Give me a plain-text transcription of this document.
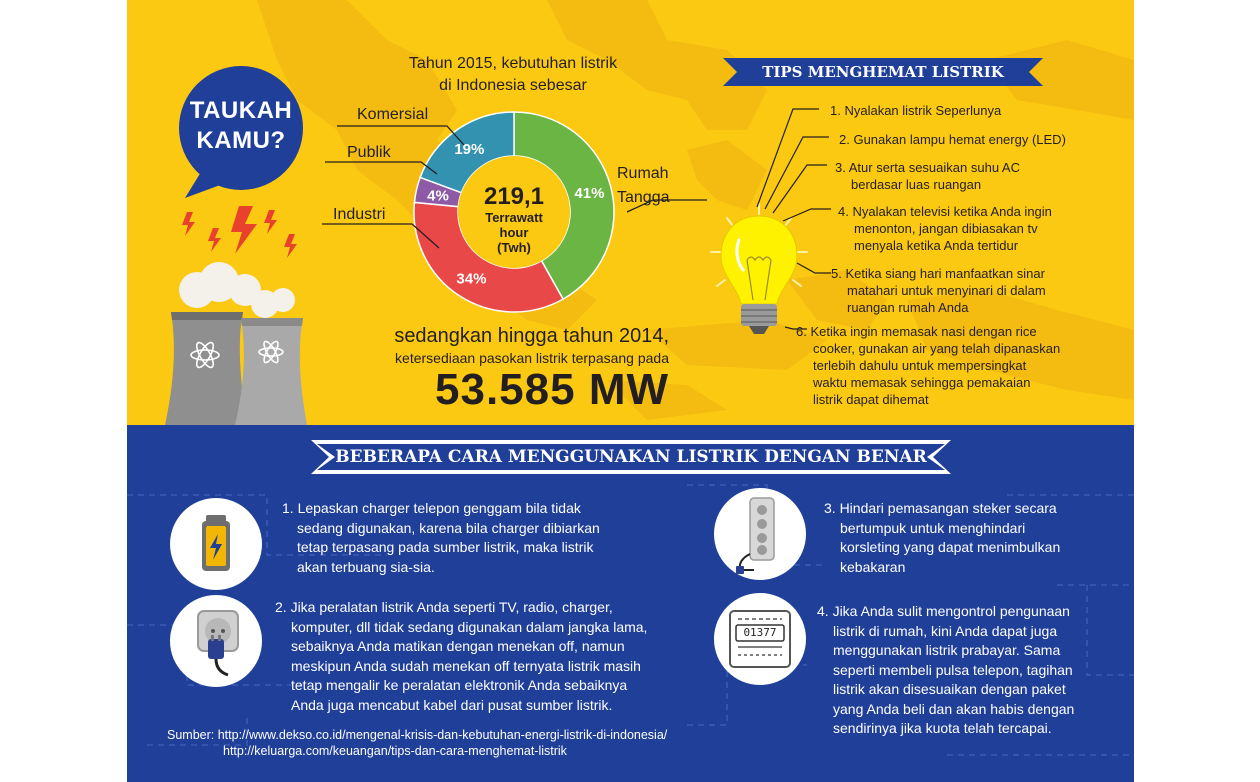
TAUKAH
KAMU?
Tahun 2015, kebutuhan listrik
di Indonesia sebesar
41%
34%
4%
19%
219,1
Terrawatt
hour
(Twh)
Komersial
Publik
Industri
Rumah
Tangga
sedangkan hingga tahun 2014,
ketersediaan pasokan listrik terpasang pada
53.585 MW
TIPS MENGHEMAT LISTRIK
1. Nyalakan listrik Seperlunya
2. Gunakan lampu hemat energy (LED)
3. Atur serta sesuaikan suhu AC
berdasar luas ruangan
4. Nyalakan televisi ketika Anda ingin
menonton, jangan dibiasakan tv
menyala ketika Anda tertidur
5. Ketika siang hari manfaatkan sinar
matahari untuk menyinari di dalam
ruangan rumah Anda
6. Ketika ingin memasak nasi dengan rice
cooker, gunakan air yang telah dipanaskan
terlebih dahulu untuk mempersingkat
waktu memasak sehingga pemakaian
listrik dapat dihemat
BEBERAPA CARA MENGGUNAKAN LISTRIK DENGAN BENAR
01377
1. Lepaskan charger telepon genggam bila tidak
sedang digunakan, karena bila charger dibiarkan
tetap terpasang pada sumber listrik, maka listrik
akan terbuang sia-sia.
2. Jika peralatan listrik Anda seperti TV, radio, charger,
komputer, dll tidak sedang digunakan dalam jangka lama,
sebaiknya Anda matikan dengan menekan off, namun
meskipun Anda sudah menekan off ternyata listrik masih
tetap mengalir ke peralatan elektronik Anda sebaiknya
Anda juga mencabut kabel dari pusat sumber listrik.
3. Hindari pemasangan steker secara
bertumpuk untuk menghindari
korsleting yang dapat menimbulkan
kebakaran
4. Jika Anda sulit mengontrol pengunaan
listrik di rumah, kini Anda dapat juga
menggunakan listrik prabayar. Sama
seperti membeli pulsa telepon, tagihan
listrik akan disesuaikan dengan paket
yang Anda beli dan akan habis dengan
sendirinya jika kuota telah tercapai.
Sumber: http://www.dekso.co.id/mengenal-krisis-dan-kebutuhan-energi-listrik-di-indonesia/
http://keluarga.com/keuangan/tips-dan-cara-menghemat-listrik
